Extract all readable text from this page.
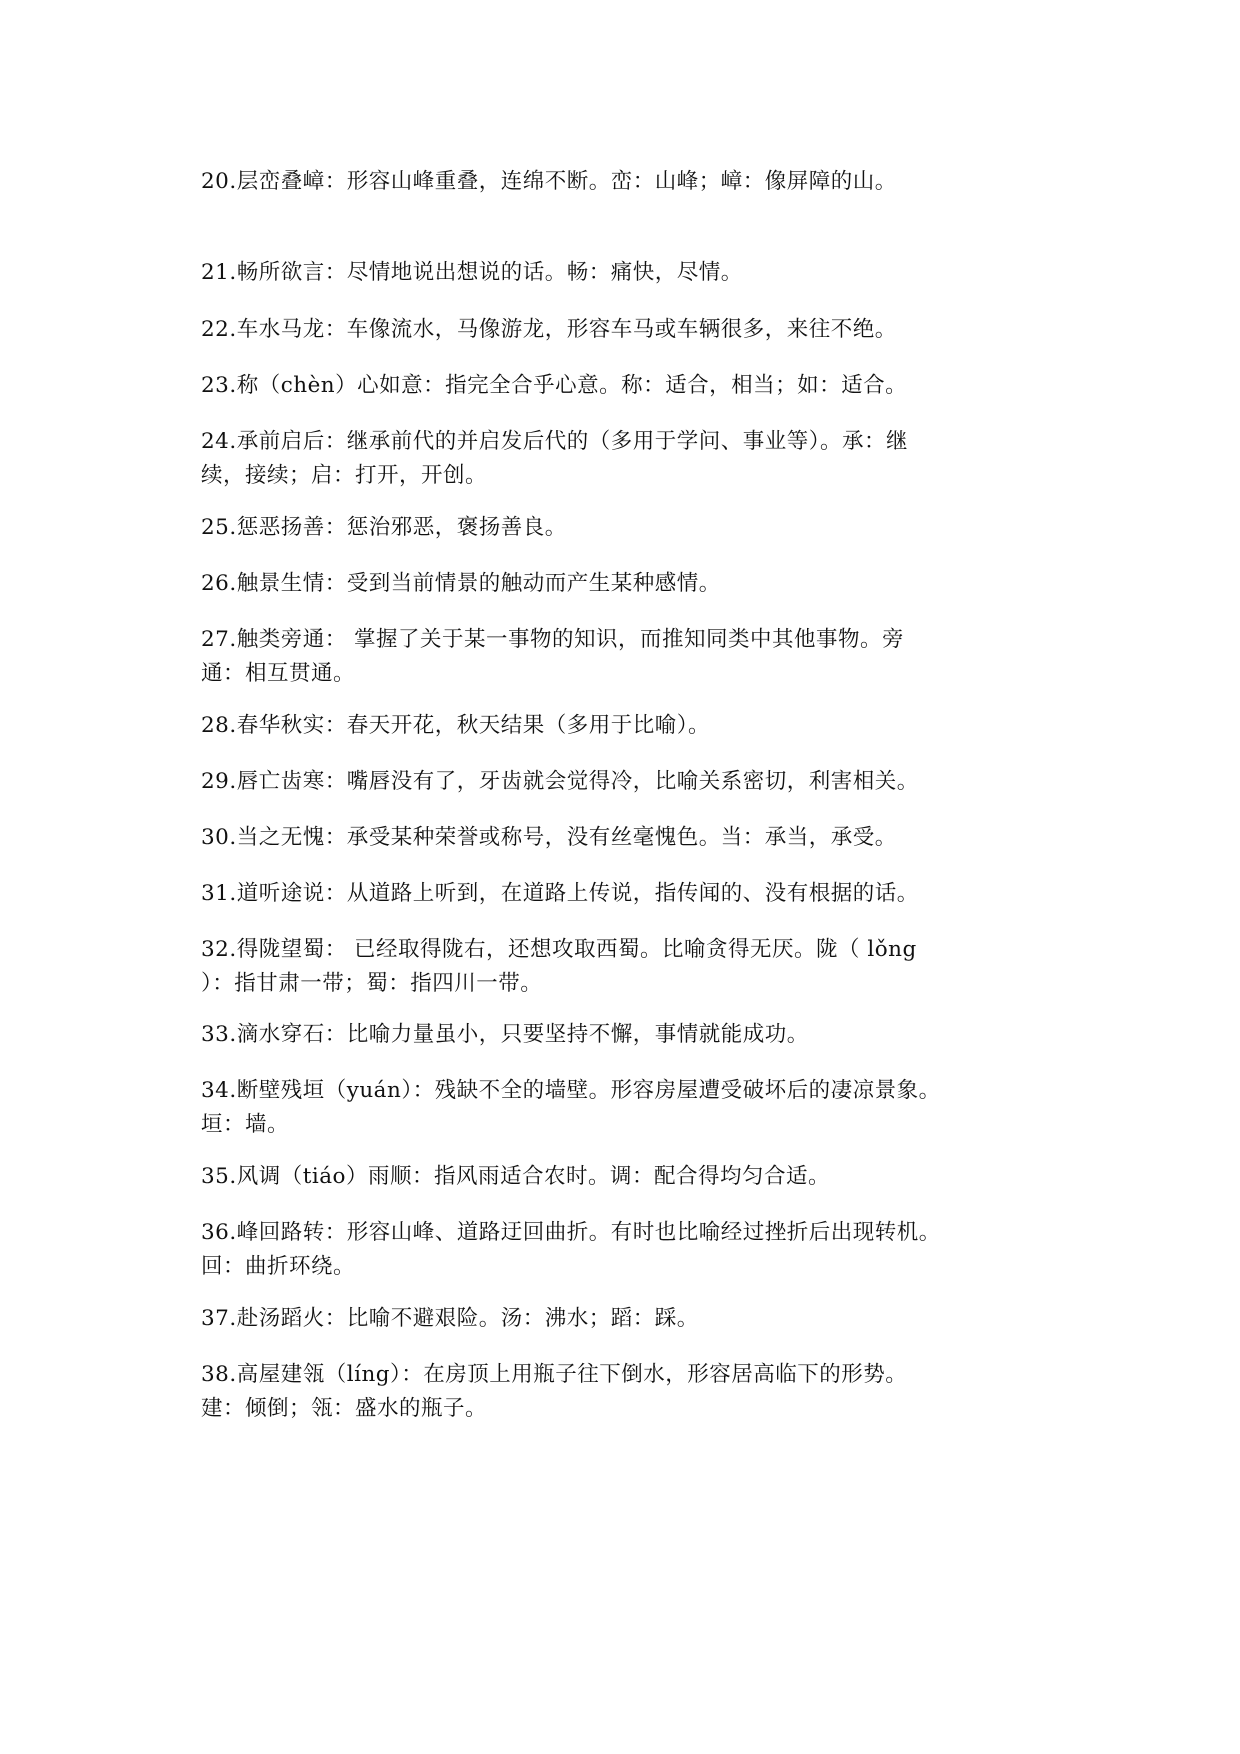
20.层峦叠嶂：形容山峰重叠，连绵不断。峦：山峰；嶂：像屏障的山。

21.畅所欲言：尽情地说出想说的话。畅：痛快，尽情。

22.车水马龙：车像流水，马像游龙，形容车马或车辆很多，来往不绝。

23.称（chèn）心如意：指完全合乎心意。称：适合，相当；如：适合。

24.承前启后：继承前代的并启发后代的（多用于学问、事业等）。承：继
续，接续；启：打开，开创。

25.惩恶扬善：惩治邪恶，褒扬善良。

26.触景生情：受到当前情景的触动而产生某种感情。

27.触类旁通： 掌握了关于某一事物的知识，而推知同类中其他事物。旁
通：相互贯通。

28.春华秋实：春天开花，秋天结果（多用于比喻）。

29.唇亡齿寒：嘴唇没有了，牙齿就会觉得冷，比喻关系密切，利害相关。

30.当之无愧：承受某种荣誉或称号，没有丝毫愧色。当：承当，承受。

31.道听途说：从道路上听到，在道路上传说，指传闻的、没有根据的话。

32.得陇望蜀： 已经取得陇右，还想攻取西蜀。比喻贪得无厌。陇（ lǒng
）：指甘肃一带；蜀：指四川一带。

33.滴水穿石：比喻力量虽小，只要坚持不懈，事情就能成功。

34.断壁残垣（yuán）：残缺不全的墙壁。形容房屋遭受破坏后的凄凉景象。
垣：墙。

35.风调（tiáo）雨顺：指风雨适合农时。调：配合得均匀合适。

36.峰回路转：形容山峰、道路迂回曲折。有时也比喻经过挫折后出现转机。
回：曲折环绕。

37.赴汤蹈火：比喻不避艰险。汤：沸水；蹈：踩。

38.高屋建瓴（líng）：在房顶上用瓶子往下倒水，形容居高临下的形势。
建：倾倒；瓴：盛水的瓶子。
